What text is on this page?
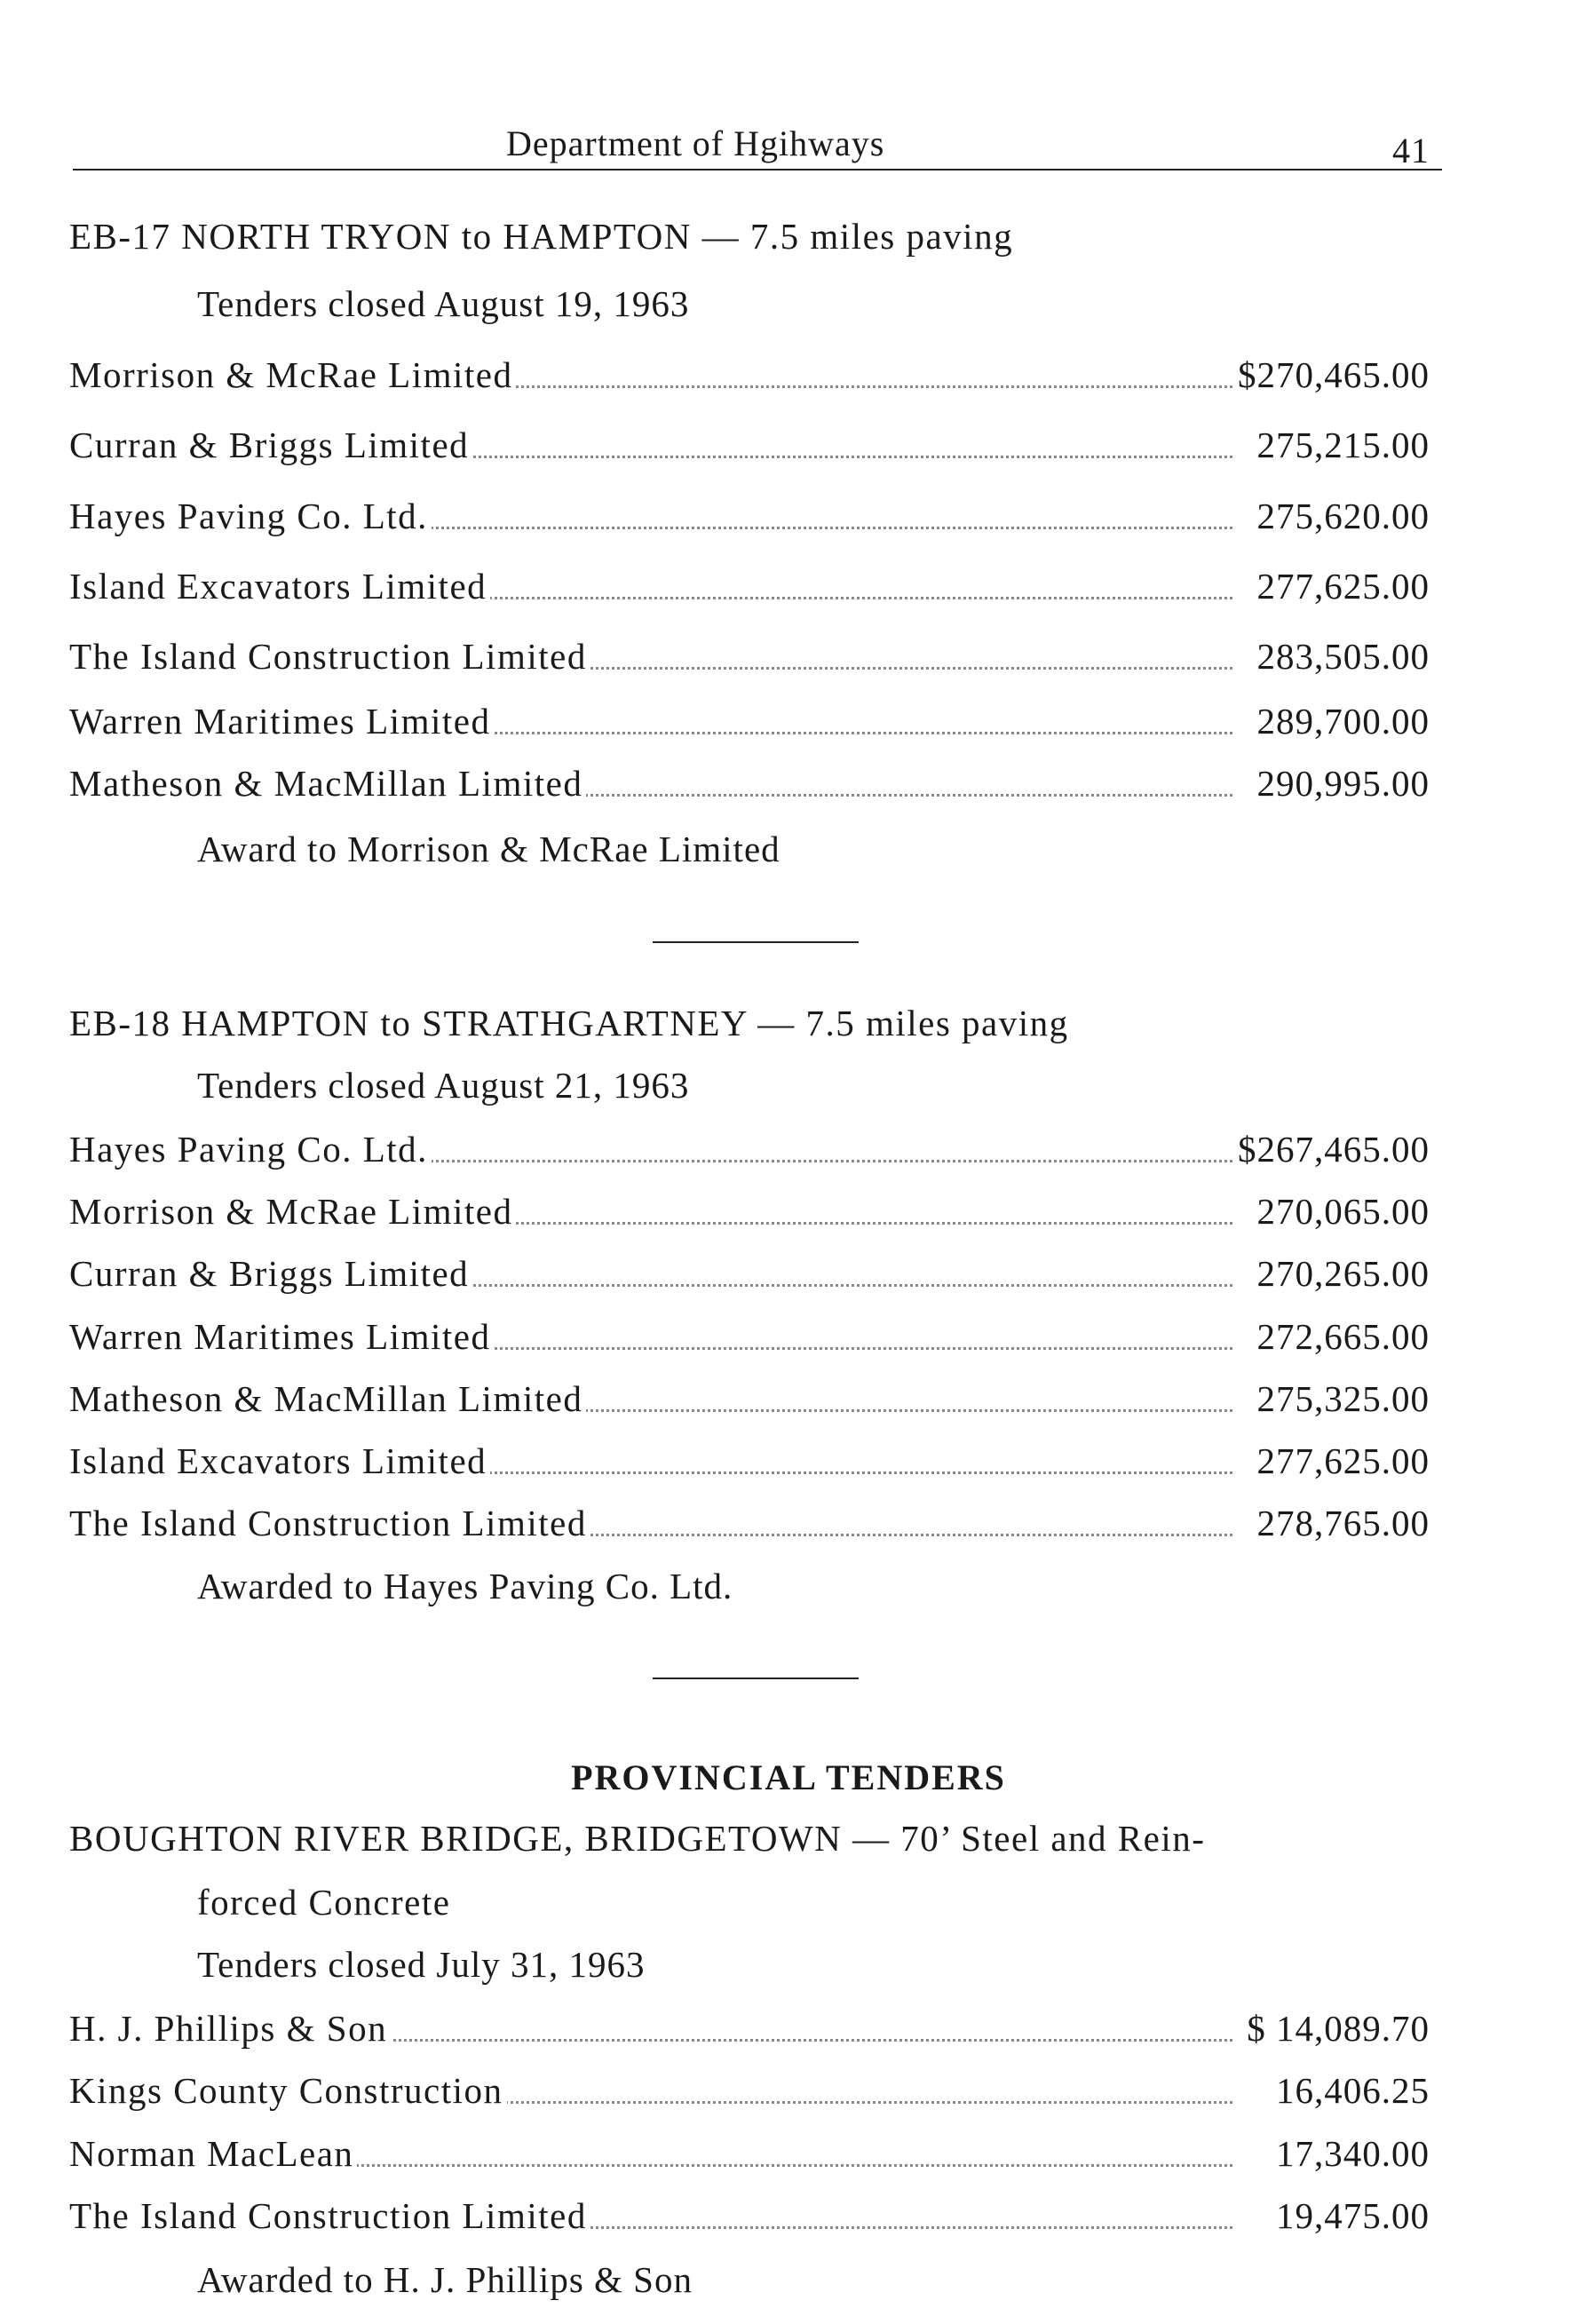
Department of Hgihways	41
EB-17 NORTH TRYON to HAMPTON — 7.5 miles paving
Tenders closed August 19, 1963
Morrison & McRae Limited	$270,465.00
Curran & Briggs Limited	275,215.00
Hayes Paving Co. Ltd.	275,620.00
Island Excavators Limited	277,625.00
The Island Construction Limited	283,505.00
Warren Maritimes Limited	289,700.00
Matheson & MacMillan Limited	290,995.00
Award to Morrison & McRae Limited
EB-18 HAMPTON to STRATHGARTNEY — 7.5 miles paving
Tenders closed August 21, 1963
Hayes Paving Co. Ltd.	$267,465.00
Morrison & McRae Limited	270,065.00
Curran & Briggs Limited	270,265.00
Warren Maritimes Limited	272,665.00
Matheson & MacMillan Limited	275,325.00
Island Excavators Limited	277,625.00
The Island Construction Limited	278,765.00
Awarded to Hayes Paving Co. Ltd.
PROVINCIAL TENDERS
BOUGHTON RIVER BRIDGE, BRIDGETOWN — 70’ Steel and Rein-
forced Concrete
Tenders closed July 31, 1963
H. J. Phillips & Son	$ 14,089.70
Kings County Construction	16,406.25
Norman MacLean	17,340.00
The Island Construction Limited	19,475.00
Awarded to H. J. Phillips & Son
